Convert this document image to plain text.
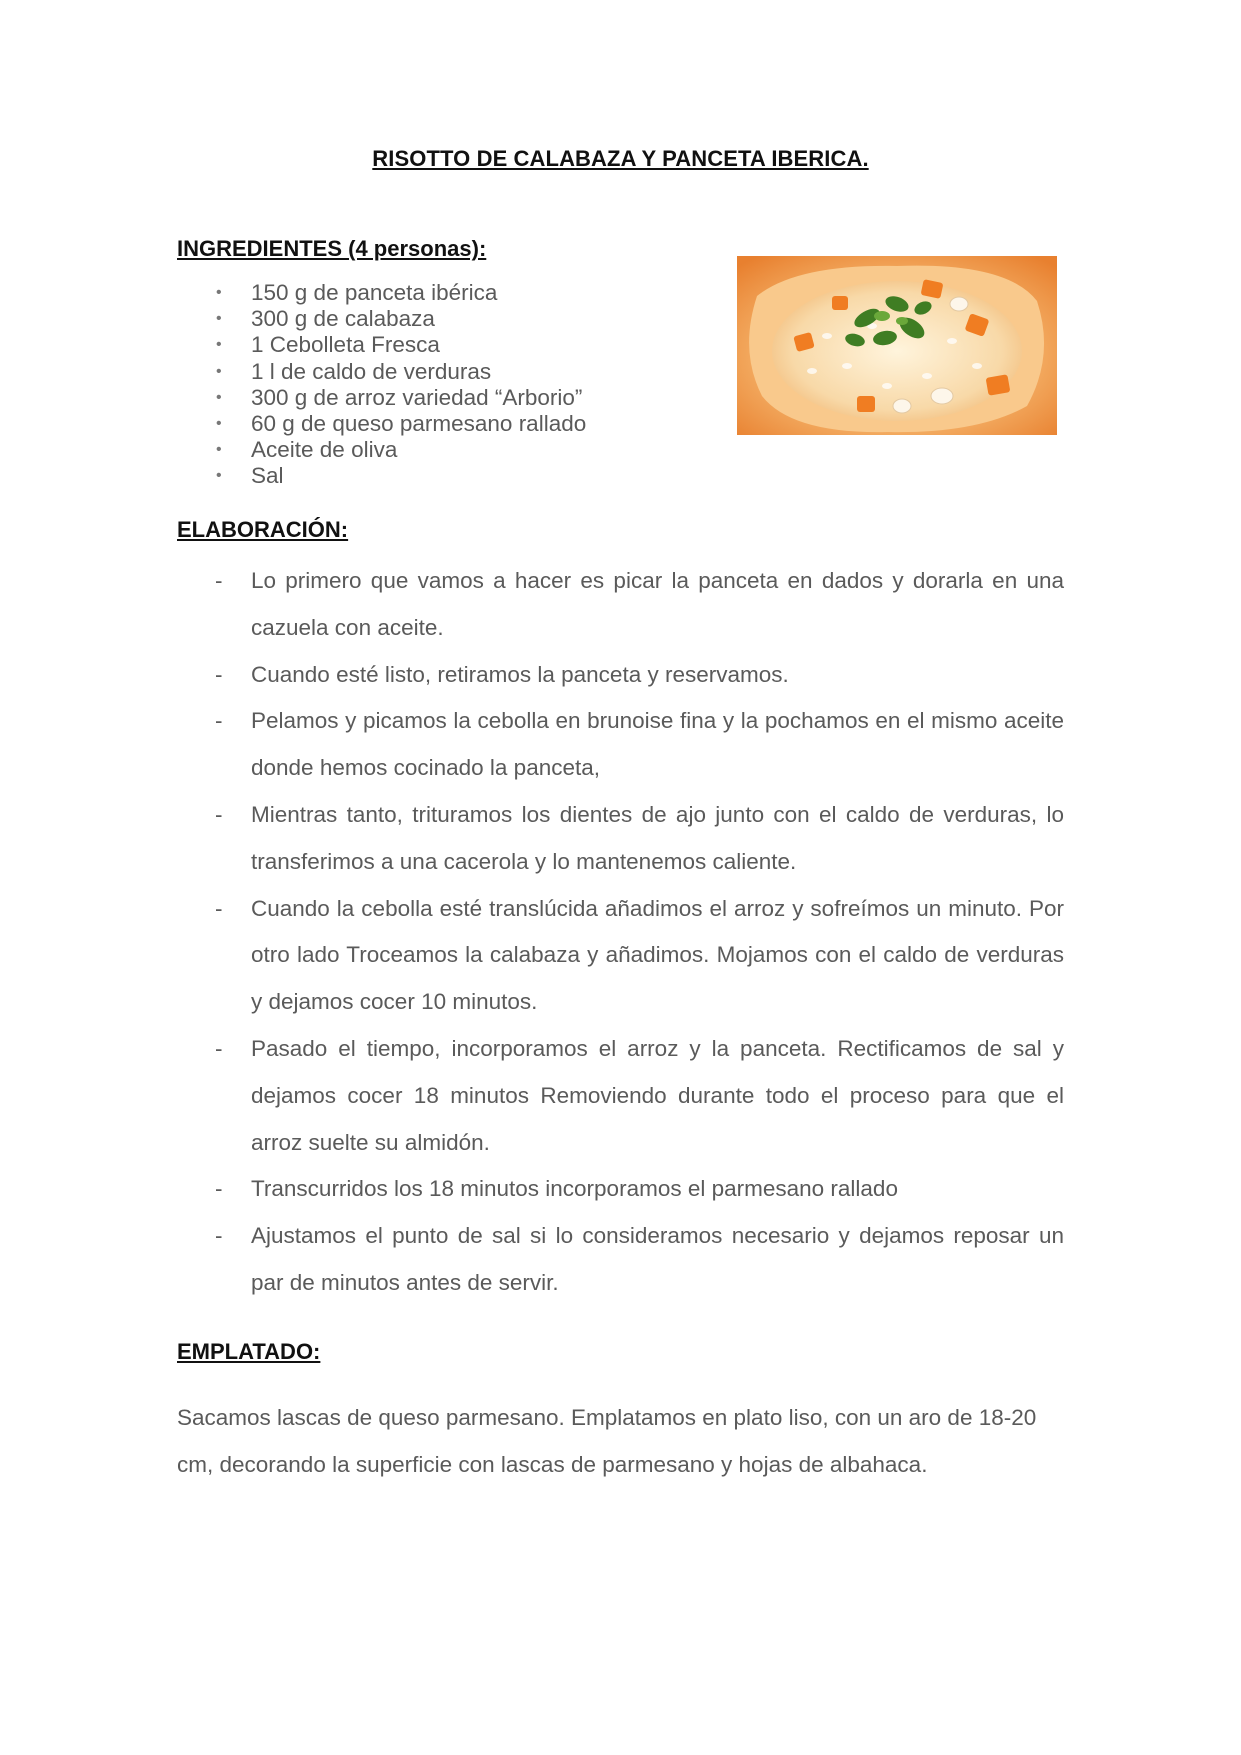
RISOTTO DE CALABAZA Y PANCETA IBERICA.
INGREDIENTES (4 personas):
• 150 g de panceta ibérica
• 300 g de calabaza
• 1 Cebolleta Fresca
• 1 l de caldo de verduras
• 300 g de arroz variedad “Arborio”
• 60 g de queso parmesano rallado
• Aceite de oliva
• Sal
ELABORACIÓN:
- Lo primero que vamos a hacer es picar la panceta en dados y dorarla en una cazuela con aceite.
- Cuando esté listo, retiramos la panceta y reservamos.
- Pelamos y picamos la cebolla en brunoise fina y la pochamos en el mismo aceite donde hemos cocinado la panceta,
- Mientras tanto, trituramos los dientes de ajo junto con el caldo de verduras, lo transferimos a una cacerola y lo mantenemos caliente.
- Cuando la cebolla esté translúcida añadimos el arroz y sofreímos un minuto. Por otro lado Troceamos la calabaza y añadimos. Mojamos con el caldo de verduras y dejamos cocer 10 minutos.
- Pasado el tiempo, incorporamos el arroz y la panceta. Rectificamos de sal y dejamos cocer 18 minutos Removiendo durante todo el proceso para que el arroz suelte su almidón.
- Transcurridos los 18 minutos incorporamos el parmesano rallado
- Ajustamos el punto de sal si lo consideramos necesario y dejamos reposar un par de minutos antes de servir.
EMPLATADO:

Sacamos lascas de queso parmesano. Emplatamos en plato liso, con un aro de 18-20 cm, decorando la superficie con lascas de parmesano y hojas de albahaca.
